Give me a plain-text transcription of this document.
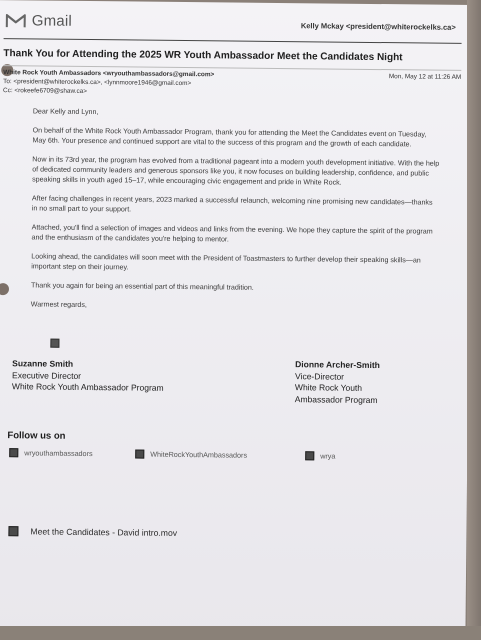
Gmail	Kelly Mckay <president@whiterockelks.ca>
Thank You for Attending the 2025 WR Youth Ambassador Meet the Candidates Night
White Rock Youth Ambassadors <wryouthambassadors@gmail.com>	Mon, May 12 at 11:26 AM
To: <president@whiterockelks.ca>, <lynnmoore1946@gmail.com>
Cc: <rokeefe6709@shaw.ca>

Dear Kelly and Lynn,

On behalf of the White Rock Youth Ambassador Program, thank you for attending the Meet the Candidates event on Tuesday, May 6th. Your presence and continued support are vital to the success of this program and the growth of each candidate.

Now in its 73rd year, the program has evolved from a traditional pageant into a modern youth development initiative. With the help of dedicated community leaders and generous sponsors like you, it now focuses on building leadership, confidence, and public speaking skills in youth aged 15–17, while encouraging civic engagement and pride in White Rock.

After facing challenges in recent years, 2023 marked a successful relaunch, welcoming nine promising new candidates—thanks in no small part to your support.

Attached, you'll find a selection of images and videos and links from the evening. We hope they capture the spirit of the program and the enthusiasm of the candidates you're helping to mentor.

Looking ahead, the candidates will soon meet with the President of Toastmasters to further develop their speaking skills—an important step on their journey.

Thank you again for being an essential part of this meaningful tradition.

Warmest regards,

Suzanne Smith
Executive Director
White Rock Youth Ambassador Program
Dionne Archer-Smith
Vice-Director
White Rock Youth
Ambassador Program
Follow us on
wryouthambassadors	WhiteRockYouthAmbassadors	wrya
Meet the Candidates - David intro.mov
